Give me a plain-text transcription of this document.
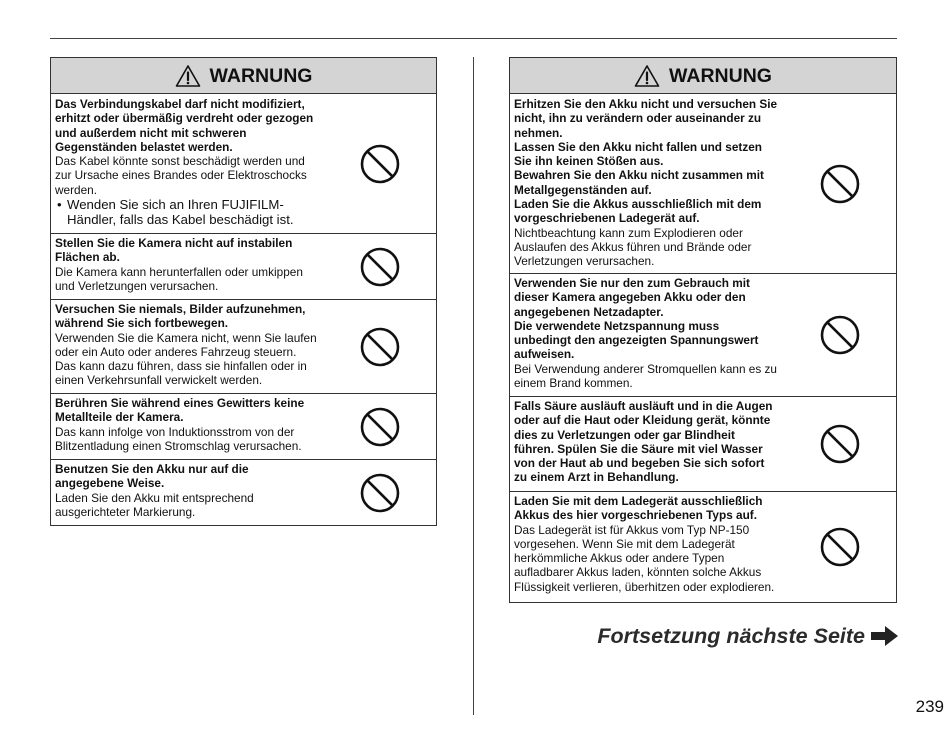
WARNUNG
Das Verbindungskabel darf nicht modifiziert,
erhitzt oder übermäßig verdreht oder gezogen
und außerdem nicht mit schweren
Gegenständen belastet werden.
Das Kabel könnte sonst beschädigt werden und
zur Ursache eines Brandes oder Elektroschocks
werden.
• Wenden Sie sich an Ihren FUJIFILM-
Händler, falls das Kabel beschädigt ist.
Stellen Sie die Kamera nicht auf instabilen
Flächen ab.
Die Kamera kann herunterfallen oder umkippen
und Verletzungen verursachen.
Versuchen Sie niemals, Bilder aufzunehmen,
während Sie sich fortbewegen.
Verwenden Sie die Kamera nicht, wenn Sie laufen
oder ein Auto oder anderes Fahrzeug steuern.
Das kann dazu führen, dass sie hinfallen oder in
einen Verkehrsunfall verwickelt werden.
Berühren Sie während eines Gewitters keine
Metallteile der Kamera.
Das kann infolge von Induktionsstrom von der
Blitzentladung einen Stromschlag verursachen.
Benutzen Sie den Akku nur auf die
angegebene Weise.
Laden Sie den Akku mit entsprechend
ausgerichteter Markierung.
WARNUNG
Erhitzen Sie den Akku nicht und versuchen Sie
nicht, ihn zu verändern oder auseinander zu
nehmen.
Lassen Sie den Akku nicht fallen und setzen
Sie ihn keinen Stößen aus.
Bewahren Sie den Akku nicht zusammen mit
Metallgegenständen auf.
Laden Sie die Akkus ausschließlich mit dem
vorgeschriebenen Ladegerät auf.
Nichtbeachtung kann zum Explodieren oder
Auslaufen des Akkus führen und Brände oder
Verletzungen verursachen.
Verwenden Sie nur den zum Gebrauch mit
dieser Kamera angegeben Akku oder den
angegebenen Netzadapter.
Die verwendete Netzspannung muss
unbedingt den angezeigten Spannungswert
aufweisen.
Bei Verwendung anderer Stromquellen kann es zu
einem Brand kommen.
Falls Säure ausläuft ausläuft und in die Augen
oder auf die Haut oder Kleidung gerät, könnte
dies zu Verletzungen oder gar Blindheit
führen. Spülen Sie die Säure mit viel Wasser
von der Haut ab und begeben Sie sich sofort
zu einem Arzt in Behandlung.
Laden Sie mit dem Ladegerät ausschließlich
Akkus des hier vorgeschriebenen Typs auf.
Das Ladegerät ist für Akkus vom Typ NP-150
vorgesehen. Wenn Sie mit dem Ladegerät
herkömmliche Akkus oder andere Typen
aufladbarer Akkus laden, könnten solche Akkus
Flüssigkeit verlieren, überhitzen oder explodieren.
Fortsetzung nächste Seite
239
